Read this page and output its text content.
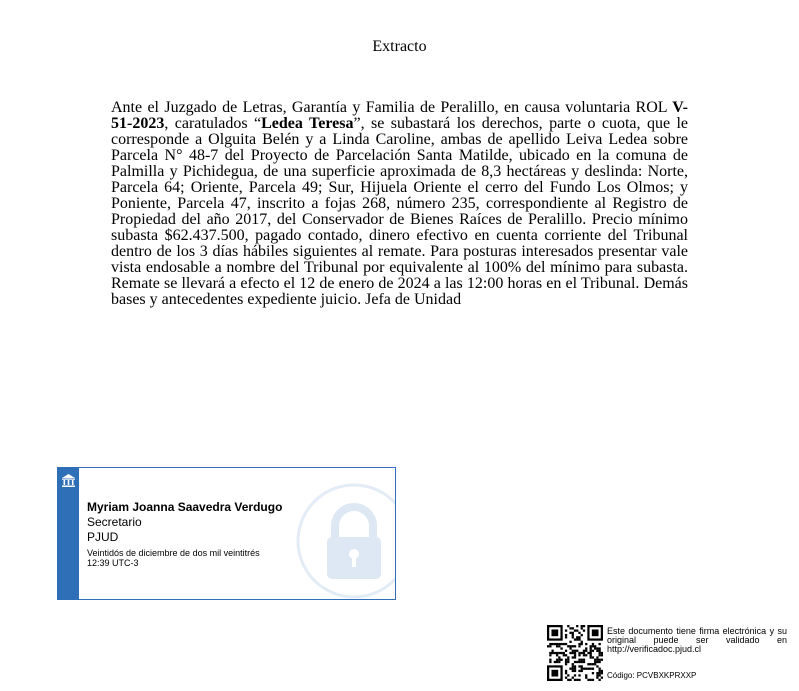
Extracto
Ante el Juzgado de Letras, Garantía y Familia de Peralillo, en causa voluntaria ROL V-51-2023, caratulados “Ledea Teresa”, se subastará los derechos, parte o cuota, que le corresponde a Olguita Belén y a Linda Caroline, ambas de apellido Leiva Ledea sobre Parcela N° 48-7 del Proyecto de Parcelación Santa Matilde, ubicado en la comuna de Palmilla y Pichidegua, de una superficie aproximada de 8,3 hectáreas y deslinda: Norte, Parcela 64; Oriente, Parcela 49; Sur, Hijuela Oriente el cerro del Fundo Los Olmos; y Poniente, Parcela 47, inscrito a fojas 268, número 235, correspondiente al Registro de Propiedad del año 2017, del Conservador de Bienes Raíces de Peralillo. Precio mínimo subasta $62.437.500, pagado contado, dinero efectivo en cuenta corriente del Tribunal dentro de los 3 días hábiles siguientes al remate. Para posturas interesados presentar vale vista endosable a nombre del Tribunal por equivalente al 100% del mínimo para subasta. Remate se llevará a efecto el 12 de enero de 2024 a las 12:00 horas en el Tribunal. Demás bases y antecedentes expediente juicio. Jefa de Unidad
Myriam Joanna Saavedra Verdugo
Secretario
PJUD
Veintidós de diciembre de dos mil veintitrés
12:39 UTC-3
Este documento tiene firma electrónica y su original puede ser validado en http://verificadoc.pjud.cl
Código: PCVBXKPRXXP
